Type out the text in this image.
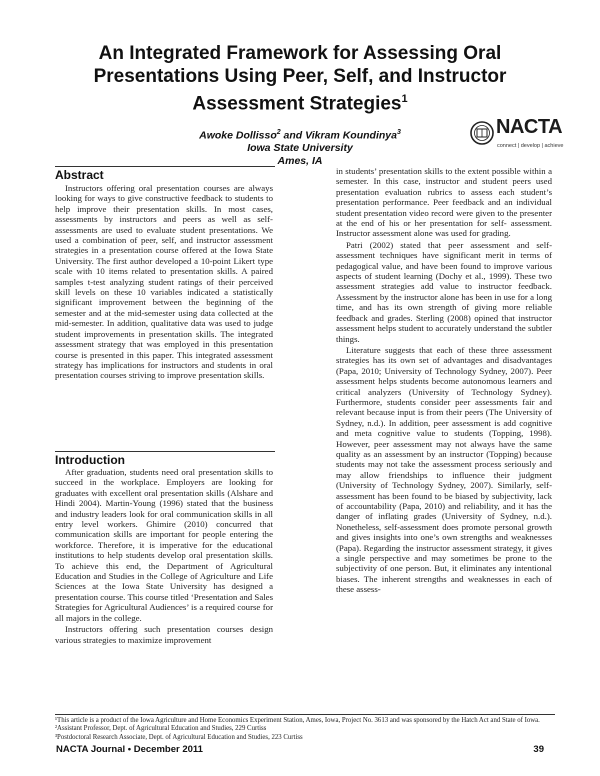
An Integrated Framework for Assessing Oral
Presentations Using Peer, Self, and Instructor
Assessment Strategies$^1$
Awoke Dollisso$^2$ and Vikram Koundinya$^3$
Iowa State University
Ames, IA
NACTA
connect | develop | achieve
Abstract

Instructors offering oral presentation courses are always looking for ways to give constructive feedback to students to help improve their presentation skills. In most cases, assessments by instructors and peers as well as self-assessments are used to evaluate student presentations. We used a combination of peer, self, and instructor assessment strategies in a presentation course offered at the Iowa State University. The first author developed a 10-point Likert type scale with 10 items related to presentation skills. A paired samples t-test analyzing student ratings of their perceived skill levels on these 10 variables indicated a statistically significant improvement between the beginning of the semester and at the mid-semester using data collected at the mid-semester. In addition, qualitative data was used to judge student improvements in presentation skills. The integrated assessment strategy that was employed in this presentation course is presented in this paper. This integrated assessment strategy has implications for instructors and students in oral presentation courses striving to improve presentation skills.

Introduction

After graduation, students need oral presentation skills to succeed in the workplace. Employers are looking for graduates with excellent oral presentation skills (Alshare and Hindi 2004). Martin-Young (1996) stated that the business and industry leaders look for oral communication skills in all entry level workers. Ghimire (2010) concurred that communication skills are important for people entering the workforce. Therefore, it is imperative for the educational institutions to help students develop oral presentation skills. To achieve this end, the Department of Agricultural Education and Studies in the College of Agriculture and Life Sciences at the Iowa State University has designed a presentation course. This course titled ‘Presentation and Sales Strategies for Agricultural Audiences’ is a required course for all majors in the college.

Instructors offering such presentation courses design various strategies to maximize improvement

in students’ presentation skills to the extent possible within a semester. In this case, instructor and student peers used presentation evaluation rubrics to assess each student’s presentation performance. Peer feedback and an individual student presentation video record were given to the presenter at the end of his or her presentation for self- assessment. Instructor assessment alone was used for grading.

Patri (2002) stated that peer assessment and self-assessment techniques have significant merit in terms of pedagogical value, and have been found to improve various aspects of student learning (Dochy et al., 1999). These two assessment strategies add value to instructor feedback. Assessment by the instructor alone has been in use for a long time, and has its own strength of giving more reliable feedback and grades. Sterling (2008) opined that instructor assessment helps student to accurately understand the subtler things.

Literature suggests that each of these three assessment strategies has its own set of advantages and disadvantages (Papa, 2010; University of Technology Sydney, 2007). Peer assessment helps students become autonomous learners and critical analyzers (University of Technology Sydney). Furthermore, students consider peer assessments fair and relevant because input is from their peers (The University of Sydney, n.d.). In addition, peer assessment is add cognitive and meta cognitive value to students (Topping, 1998). However, peer assessment may not always have the same quality as an assessment by an instructor (Topping) because students may not take the assessment process seriously and may allow friendships to influence their judgment (University of Technology Sydney, 2007). Similarly, self-assessment has been found to be biased by subjectivity, lack of accountability (Papa, 2010) and reliability, and it has the danger of inflating grades (University of Sydney, n.d.). Nonetheless, self-assessment does promote personal growth and gives insights into one’s own strengths and weaknesses (Papa). Regarding the instructor assessment strategy, it gives a single perspective and may sometimes be prone to the subjectivity of one person. But, it eliminates any intentional biases. The inherent strengths and weaknesses in each of these assess-

¹This article is a product of the Iowa Agriculture and Home Economics Experiment Station, Ames, Iowa, Project No. 3613 and was sponsored by the Hatch Act and State of Iowa.
²Assistant Professor, Dept. of Agricultural Education and Studies, 229 Curtiss
³Postdoctoral Research Associate, Dept. of Agricultural Education and Studies, 223 Curtiss
NACTA Journal • December 2011	39
